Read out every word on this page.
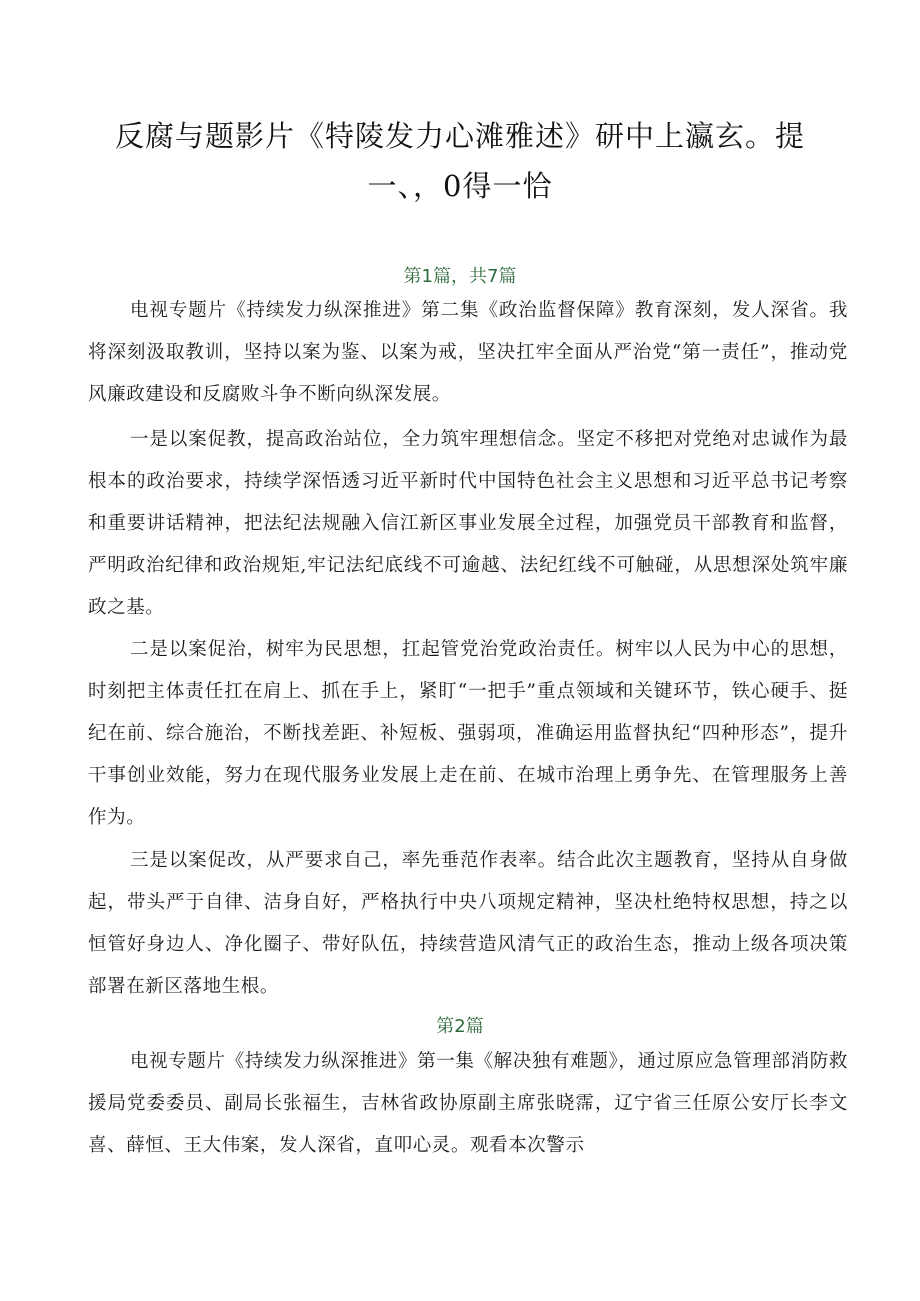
反腐与题影片《特陵发力心滩雅述》研中上瀛玄。提
一、，0得一恰
第1篇，共7篇

电视专题片《持续发力纵深推进》第二集《政治监督保障》教育深刻，发人深省。我将深刻汲取教训，坚持以案为鉴、以案为戒，坚决扛牢全面从严治党“第一责任”，推动党风廉政建设和反腐败斗争不断向纵深发展。

一是以案促教，提高政治站位，全力筑牢理想信念。坚定不移把对党绝对忠诚作为最根本的政治要求，持续学深悟透习近平新时代中国特色社会主义思想和习近平总书记考察和重要讲话精神，把法纪法规融入信江新区事业发展全过程，加强党员干部教育和监督，严明政治纪律和政治规矩,牢记法纪底线不可逾越、法纪红线不可触碰，从思想深处筑牢廉政之基。

二是以案促治，树牢为民思想，扛起管党治党政治责任。树牢以人民为中心的思想，时刻把主体责任扛在肩上、抓在手上，紧盯“一把手”重点领域和关键环节，铁心硬手、挺纪在前、综合施治，不断找差距、补短板、强弱项，准确运用监督执纪“四种形态”，提升干事创业效能，努力在现代服务业发展上走在前、在城市治理上勇争先、在管理服务上善作为。

三是以案促改，从严要求自己，率先垂范作表率。结合此次主题教育，坚持从自身做起，带头严于自律、洁身自好，严格执行中央八项规定精神，坚决杜绝特权思想，持之以恒管好身边人、净化圈子、带好队伍，持续营造风清气正的政治生态，推动上级各项决策部署在新区落地生根。

第2篇

电视专题片《持续发力纵深推进》第一集《解决独有难题》，通过原应急管理部消防救援局党委委员、副局长张福生，吉林省政协原副主席张晓霈，辽宁省三任原公安厅长李文喜、薛恒、王大伟案，发人深省，直叩心灵。观看本次警示
